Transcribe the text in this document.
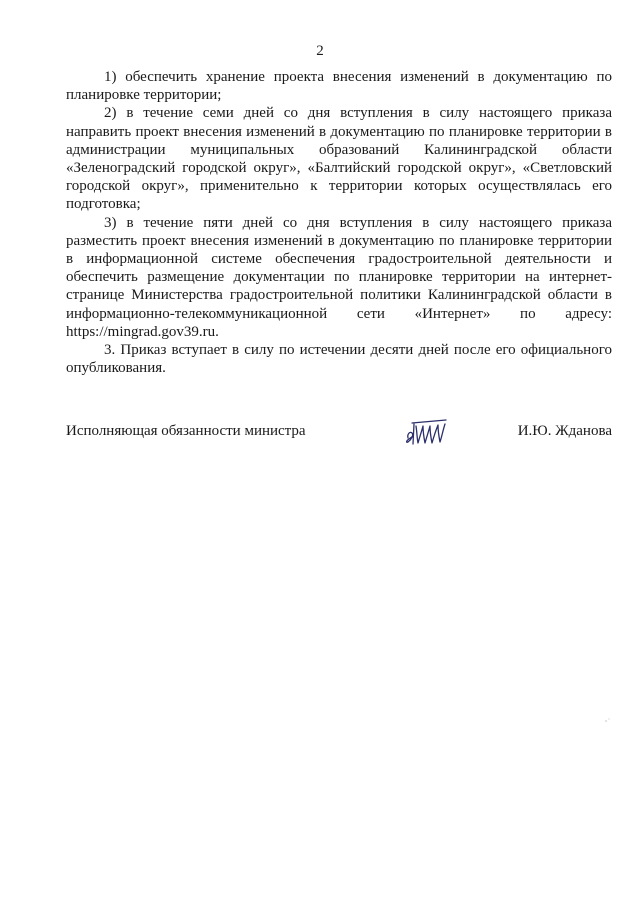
2

1) обеспечить хранение проекта внесения изменений в документацию по планировке территории;

2) в течение семи дней со дня вступления в силу настоящего приказа направить проект внесения изменений в документацию по планировке территории в администрации муниципальных образований Калининградской области «Зеленоградский городской округ», «Балтийский городской округ», «Светловский городской округ», применительно к территории которых осуществлялась его подготовка;

3) в течение пяти дней со дня вступления в силу настоящего приказа разместить проект внесения изменений в документацию по планировке территории в информационной системе обеспечения градостроительной деятельности и обеспечить размещение документации по планировке территории на интернет-странице Министерства градостроительной политики Калининградской области в информационно-телекоммуникационной сети «Интернет» по адресу: https://mingrad.gov39.ru.

3. Приказ вступает в силу по истечении десяти дней после его официального опубликования.

Исполняющая обязанности министра	И.Ю. Жданова
